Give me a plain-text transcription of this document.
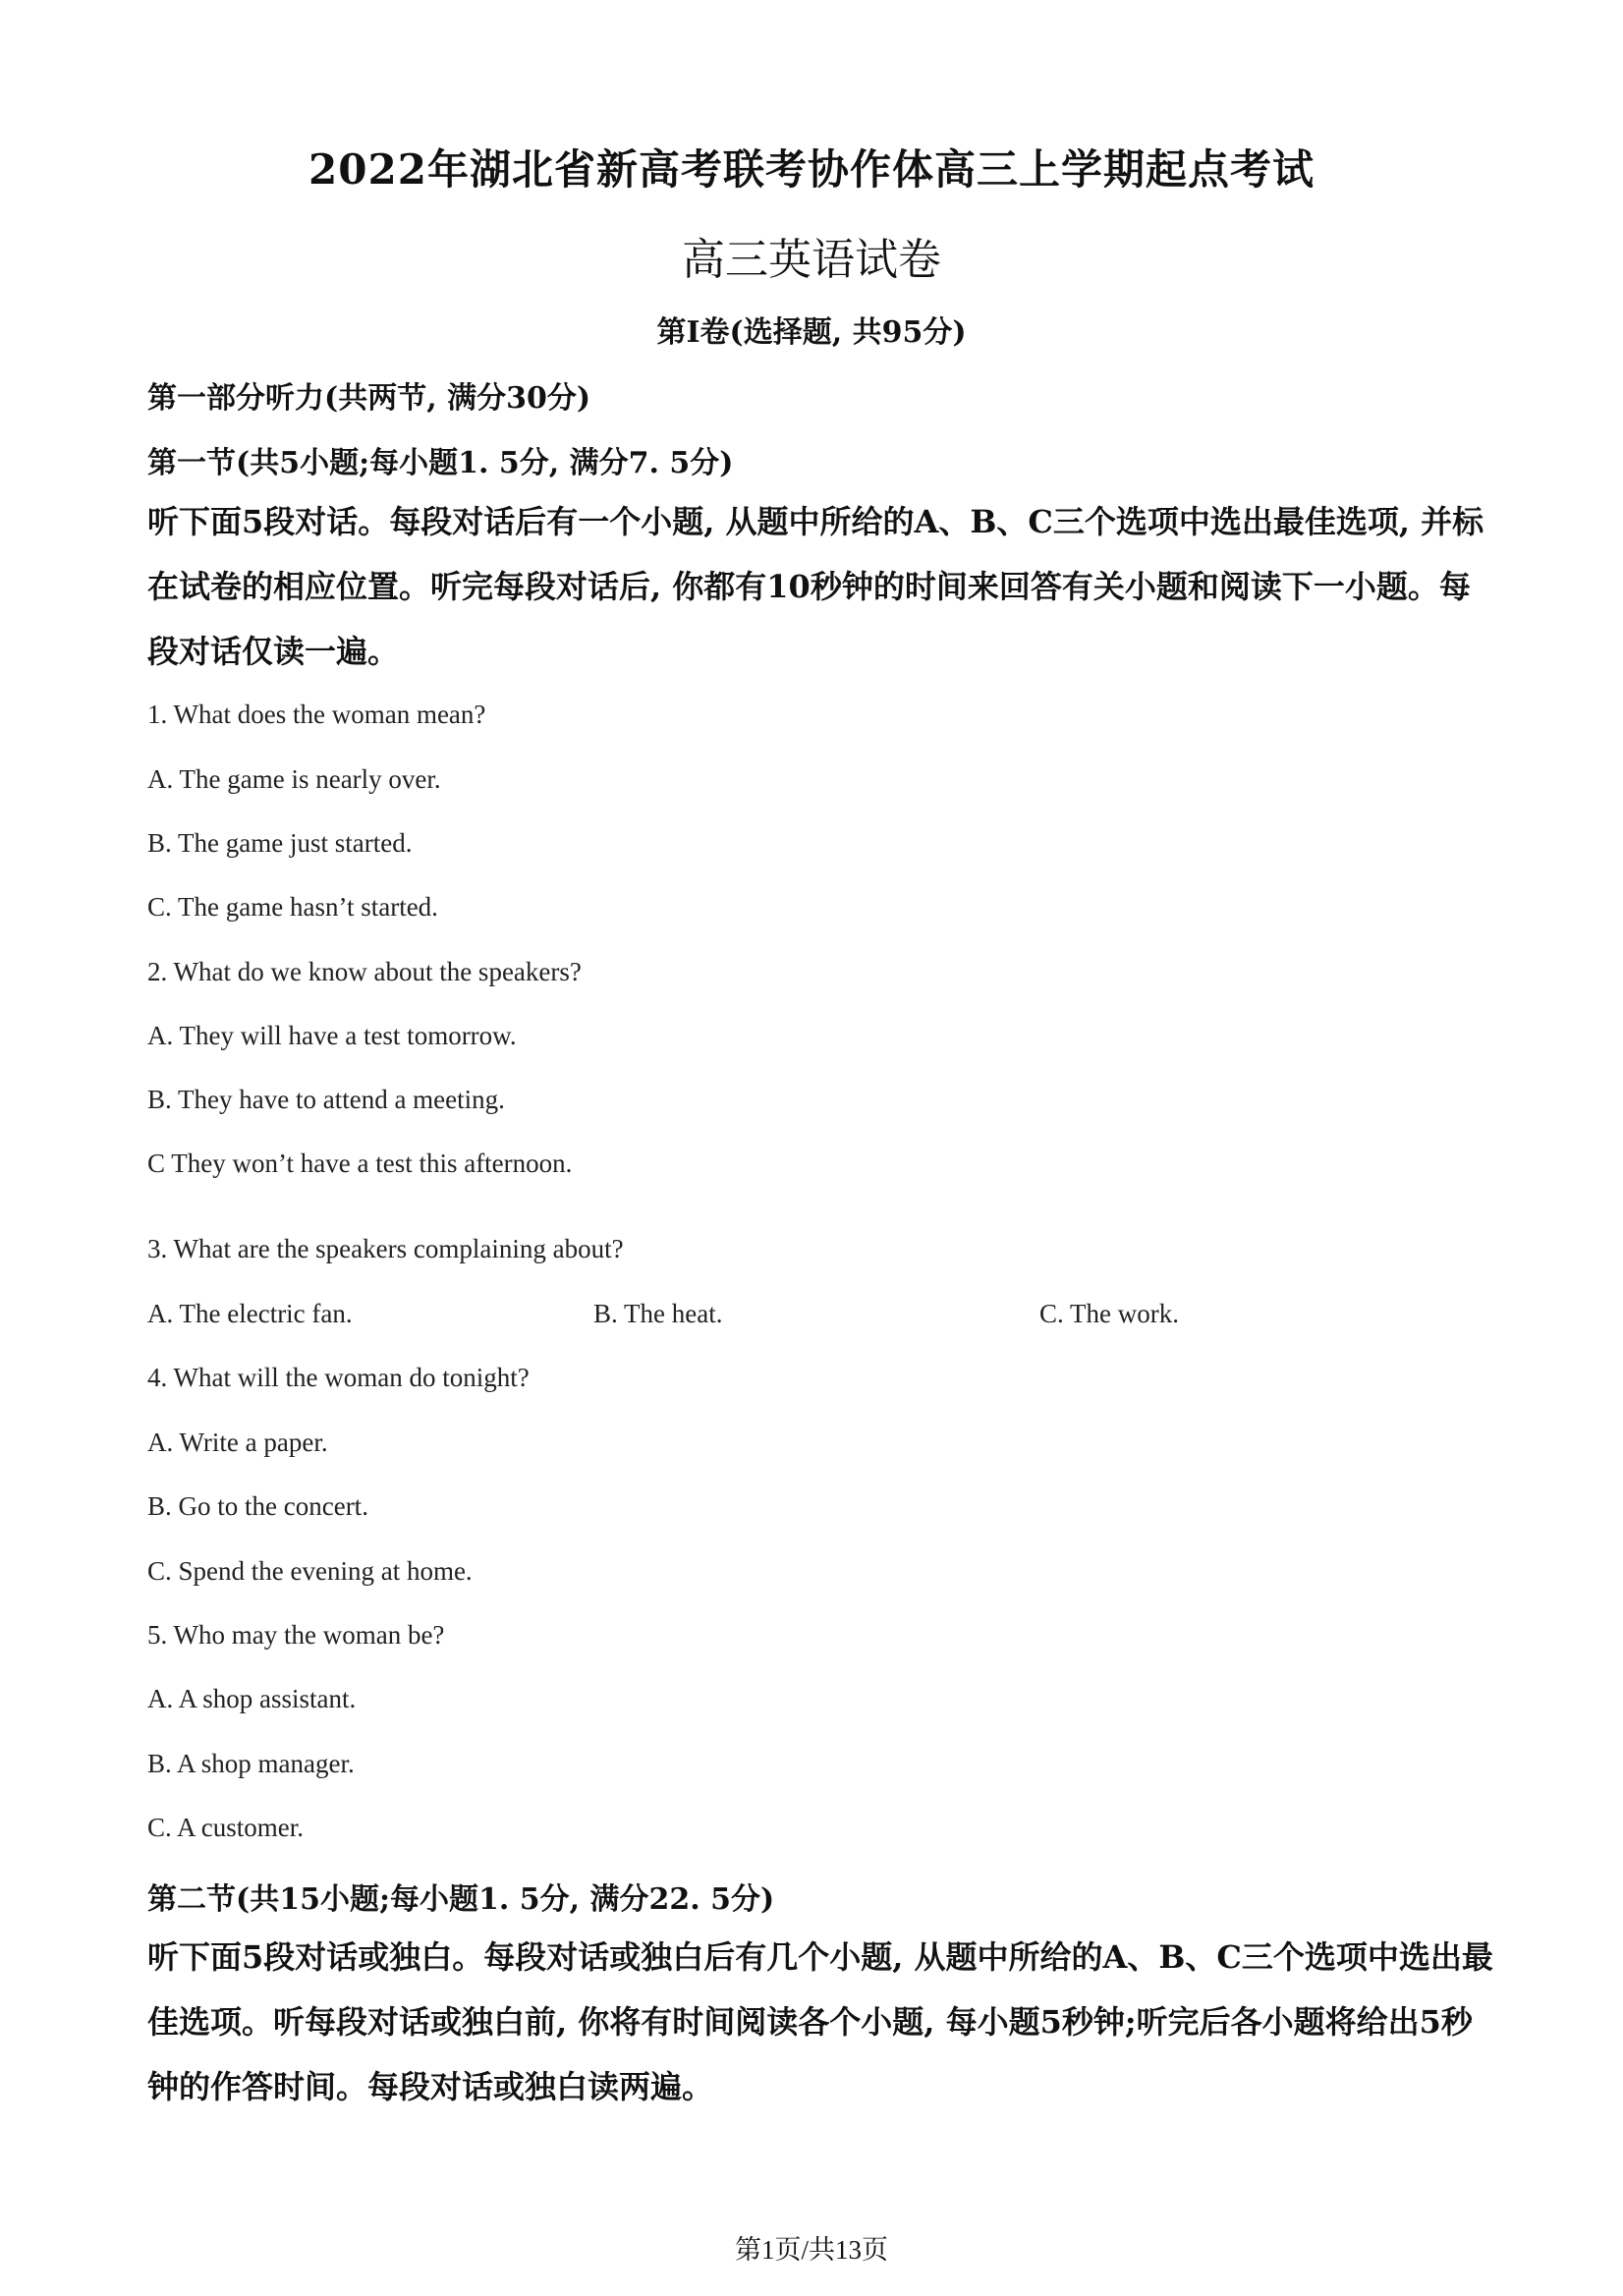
2022年湖北省新高考联考协作体高三上学期起点考试
高三英语试卷
第I卷(选择题, 共95分)
第一部分听力(共两节, 满分30分)
第一节(共5小题;每小题1. 5分, 满分7. 5分)
听下面5段对话。每段对话后有一个小题, 从题中所给的A、B、C三个选项中选出最佳选项, 并标在试卷的相应位置。听完每段对话后, 你都有10秒钟的时间来回答有关小题和阅读下一小题。每段对话仅读一遍。
1. What does the woman mean?
A. The game is nearly over.
B. The game just started.
C. The game hasn’t started.
2. What do we know about the speakers?
A. They will have a test tomorrow.
B. They have to attend a meeting.
C They won’t have a test this afternoon.
3. What are the speakers complaining about?
A. The electric fan.	B. The heat.	C. The work.
4. What will the woman do tonight?
A. Write a paper.
B. Go to the concert.
C. Spend the evening at home.
5. Who may the woman be?
A. A shop assistant.
B. A shop manager.
C. A customer.
第二节(共15小题;每小题1. 5分, 满分22. 5分)
听下面5段对话或独白。每段对话或独白后有几个小题, 从题中所给的A、B、C三个选项中选出最佳选项。听每段对话或独白前, 你将有时间阅读各个小题, 每小题5秒钟;听完后各小题将给出5秒钟的作答时间。每段对话或独白读两遍。
第1页/共13页
